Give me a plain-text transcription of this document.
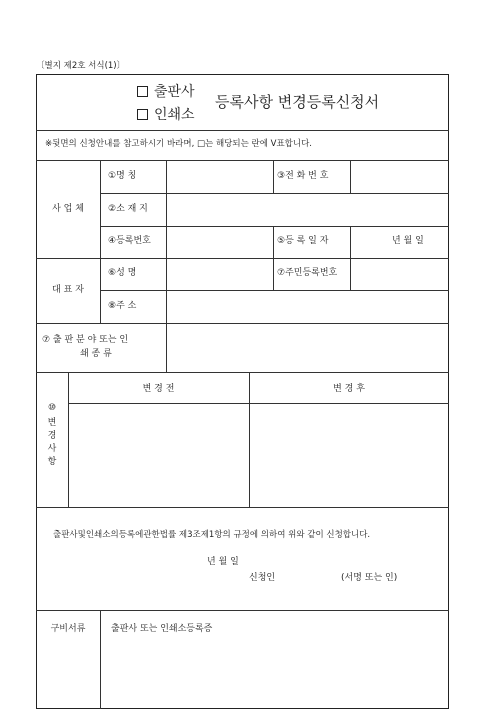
〔별지 제2호 서식(1)〕
출판사
인쇄소
등록사항 변경등록신청서
※뒷면의 신청안내를 참고하시기 바라며, □는 해당되는 란에 V표합니다.
사 업 체
①명 칭	③전 화 번 호
②소 재 지
④등록번호	⑤등 록 일 자	년 월 일
대 표 자
⑥성 명	⑦주민등록번호
⑧주 소
⑦ 출 판 분 야 또는 인
쇄 종 류
⑩
변
경
사
항
변 경 전	변 경 후
출판사및인쇄소의등록에관한법률 제3조제1항의 규정에 의하여 위와 같이 신청합니다.
년 월 일
신청인	(서명 또는 인)
구비서류	출판사 또는 인쇄소등록증
